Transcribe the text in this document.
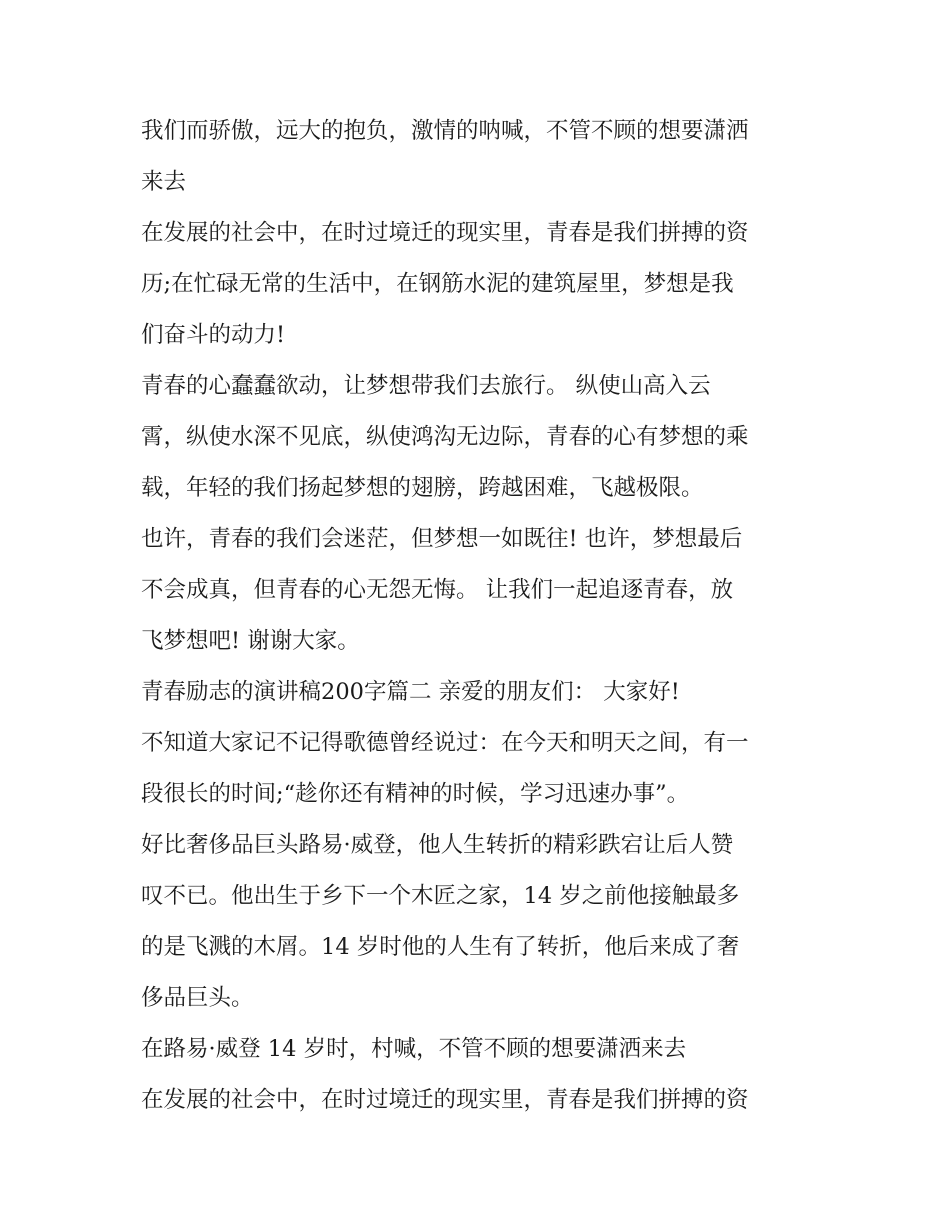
我们而骄傲，远大的抱负，激情的呐喊，不管不顾的想要潇洒
来去
在发展的社会中，在时过境迁的现实里，青春是我们拼搏的资
历;在忙碌无常的生活中，在钢筋水泥的建筑屋里，梦想是我
们奋斗的动力!
青春的心蠢蠢欲动，让梦想带我们去旅行。 纵使山高入云
霄，纵使水深不见底，纵使鸿沟无边际，青春的心有梦想的乘
载，年轻的我们扬起梦想的翅膀，跨越困难，飞越极限。
也许，青春的我们会迷茫，但梦想一如既往! 也许，梦想最后
不会成真，但青春的心无怨无悔。 让我们一起追逐青春，放
飞梦想吧! 谢谢大家。
青春励志的演讲稿200字篇二 亲爱的朋友们： 大家好!
不知道大家记不记得歌德曾经说过：在今天和明天之间，有一
段很长的时间;“趁你还有精神的时候，学习迅速办事”。
好比奢侈品巨头路易·威登，他人生转折的精彩跌宕让后人赞
叹不已。他出生于乡下一个木匠之家，14 岁之前他接触最多
的是飞溅的木屑。14 岁时他的人生有了转折，他后来成了奢
侈品巨头。
在路易·威登 14 岁时，村喊，不管不顾的想要潇洒来去
在发展的社会中，在时过境迁的现实里，青春是我们拼搏的资
